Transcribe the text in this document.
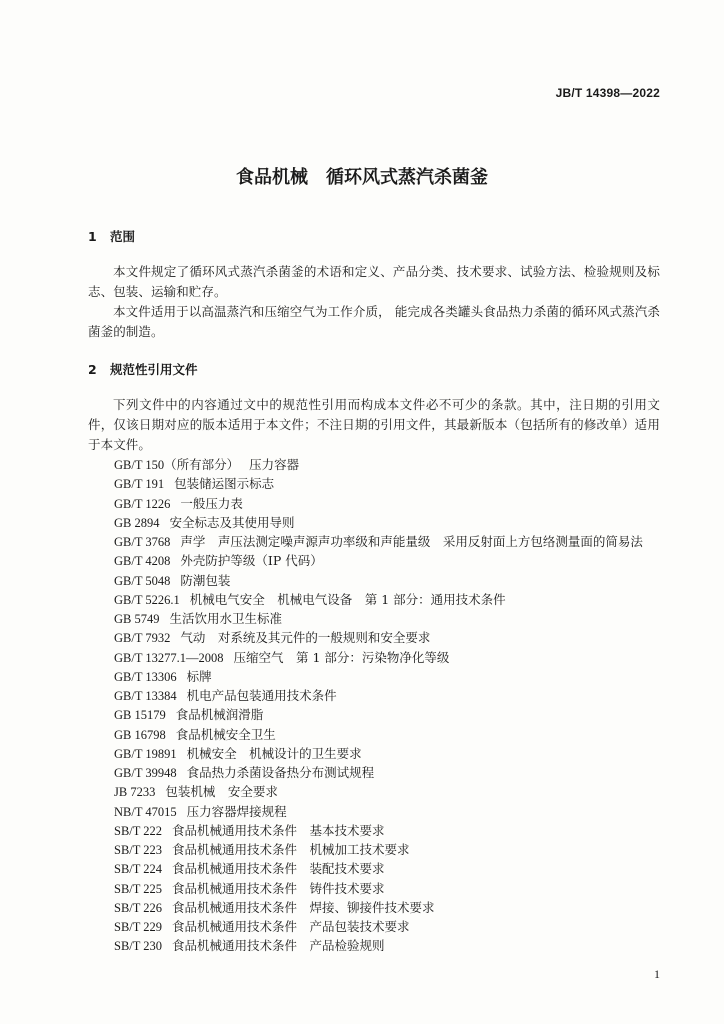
JB/T 14398—2022
食品机械　循环风式蒸汽杀菌釜
1 范围
本文件规定了循环风式蒸汽杀菌釜的术语和定义、产品分类、技术要求、试验方法、检验规则及标志、包装、运输和贮存。
本文件适用于以高温蒸汽和压缩空气为工作介质， 能完成各类罐头食品热力杀菌的循环风式蒸汽杀菌釜的制造。
2 规范性引用文件
下列文件中的内容通过文中的规范性引用而构成本文件必不可少的条款。其中，注日期的引用文件，仅该日期对应的版本适用于本文件；不注日期的引用文件，其最新版本（包括所有的修改单）适用于本文件。
GB/T 150（所有部分） 压力容器
GB/T 191 包装储运图示标志
GB/T 1226 一般压力表
GB 2894 安全标志及其使用导则
GB/T 3768 声学　声压法测定噪声源声功率级和声能量级　采用反射面上方包络测量面的简易法
GB/T 4208 外壳防护等级（IP 代码）
GB/T 5048 防潮包装
GB/T 5226.1 机械电气安全　机械电气设备　第 1 部分：通用技术条件
GB 5749 生活饮用水卫生标准
GB/T 7932 气动　对系统及其元件的一般规则和安全要求
GB/T 13277.1—2008 压缩空气　第 1 部分：污染物净化等级
GB/T 13306 标牌
GB/T 13384 机电产品包装通用技术条件
GB 15179 食品机械润滑脂
GB 16798 食品机械安全卫生
GB/T 19891 机械安全　机械设计的卫生要求
GB/T 39948 食品热力杀菌设备热分布测试规程
JB 7233 包装机械　安全要求
NB/T 47015 压力容器焊接规程
SB/T 222 食品机械通用技术条件　基本技术要求
SB/T 223 食品机械通用技术条件　机械加工技术要求
SB/T 224 食品机械通用技术条件　装配技术要求
SB/T 225 食品机械通用技术条件　铸件技术要求
SB/T 226 食品机械通用技术条件　焊接、铆接件技术要求
SB/T 229 食品机械通用技术条件　产品包装技术要求
SB/T 230 食品机械通用技术条件　产品检验规则
1
